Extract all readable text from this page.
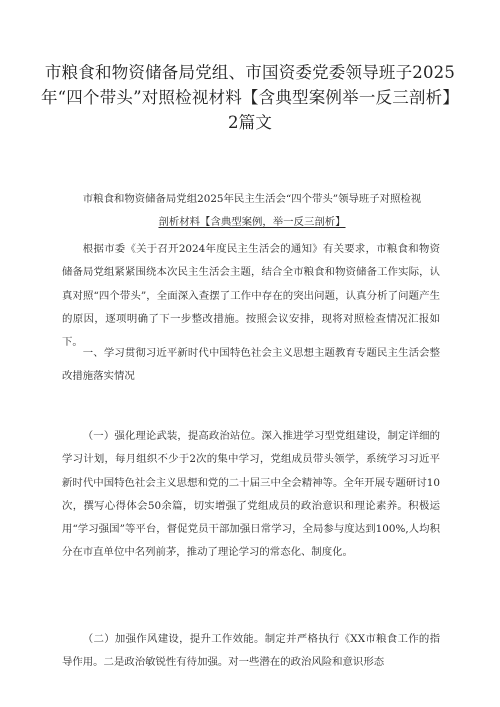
市粮食和物资储备局党组、市国资委党委领导班子2025年“四个带头”对照检视材料【含典型案例举一反三剖析】2篇文
市粮食和物资储备局党组2025年民主生活会“四个带头”领导班子对照检视
剖析材料【含典型案例，举一反三剖析】

根据市委《关于召开2024年度民主生活会的通知》有关要求，市粮食和物资储备局党组紧紧围绕本次民主生活会主题，结合全市粮食和物资储备工作实际，认真对照“四个带头”，全面深入查摆了工作中存在的突出问题，认真分析了问题产生的原因，逐项明确了下一步整改措施。按照会议安排，现将对照检查情况汇报如下。

一、学习贯彻习近平新时代中国特色社会主义思想主题教育专题民主生活会整改措施落实情况

（一）强化理论武装，提高政治站位。深入推进学习型党组建设，制定详细的学习计划，每月组织不少于2次的集中学习，党组成员带头领学，系统学习习近平新时代中国特色社会主义思想和党的二十届三中全会精神等。全年开展专题研讨10次，撰写心得体会50余篇，切实增强了党组成员的政治意识和理论素养。积极运用“学习强国”等平台，督促党员干部加强日常学习，全局参与度达到100%,人均积分在市直单位中名列前茅，推动了理论学习的常态化、制度化。

（二）加强作风建设，提升工作效能。制定并严格执行《XX市粮食工作的指导作用。二是政治敏锐性有待加强。对一些潜在的政治风险和意识形态
